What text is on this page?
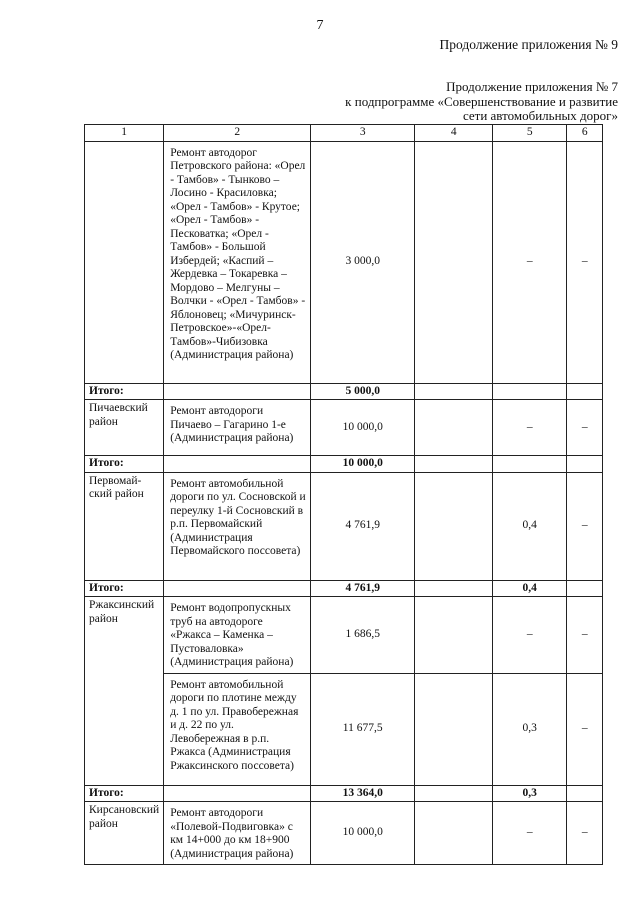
7
Продолжение приложения № 9
Продолжение приложения № 7
к подпрограмме «Совершенствование и развитие
сети автомобильных дорог»
1	2	3	4	5	6
	Ремонт автодорог Петровского района: «Орел - Тамбов» - Тынково – Лосино - Красиловка; «Орел - Тамбов» - Крутое; «Орел - Тамбов» - Песковатка; «Орел - Тамбов» - Большой Избердей; «Каспий – Жердевка – Токаревка – Мордово – Мелгуны – Волчки - «Орел - Тамбов» - Яблоновец; «Мичуринск-Петровское»-«Орел-Тамбов»-Чибизовка (Администрация района)	3 000,0		–	–
Итого:		5 000,0			
Пичаевский район	Ремонт автодороги Пичаево – Гагарино 1-е (Администрация района)	10 000,0		–	–
Итого:		10 000,0			
Первомай-ский район	Ремонт автомобильной дороги по ул. Сосновской и переулку 1-й Сосновский в р.п. Первомайский (Администрация Первомайского поссовета)	4 761,9		0,4	–
Итого:		4 761,9		0,4	
Ржаксинский район	Ремонт водопропускных труб на автодороге «Ржакса – Каменка – Пустоваловка» (Администрация района)	1 686,5		–	–
	Ремонт автомобильной дороги по плотине между д. 1 по ул. Правобережная и д. 22 по ул. Левобережная в р.п. Ржакса (Администрация Ржаксинского поссовета)	11 677,5		0,3	–
Итого:		13 364,0		0,3	
Кирсановский район	Ремонт автодороги «Полевой-Подвиговка» с км 14+000 до км 18+900 (Администрация района)	10 000,0		–	–
